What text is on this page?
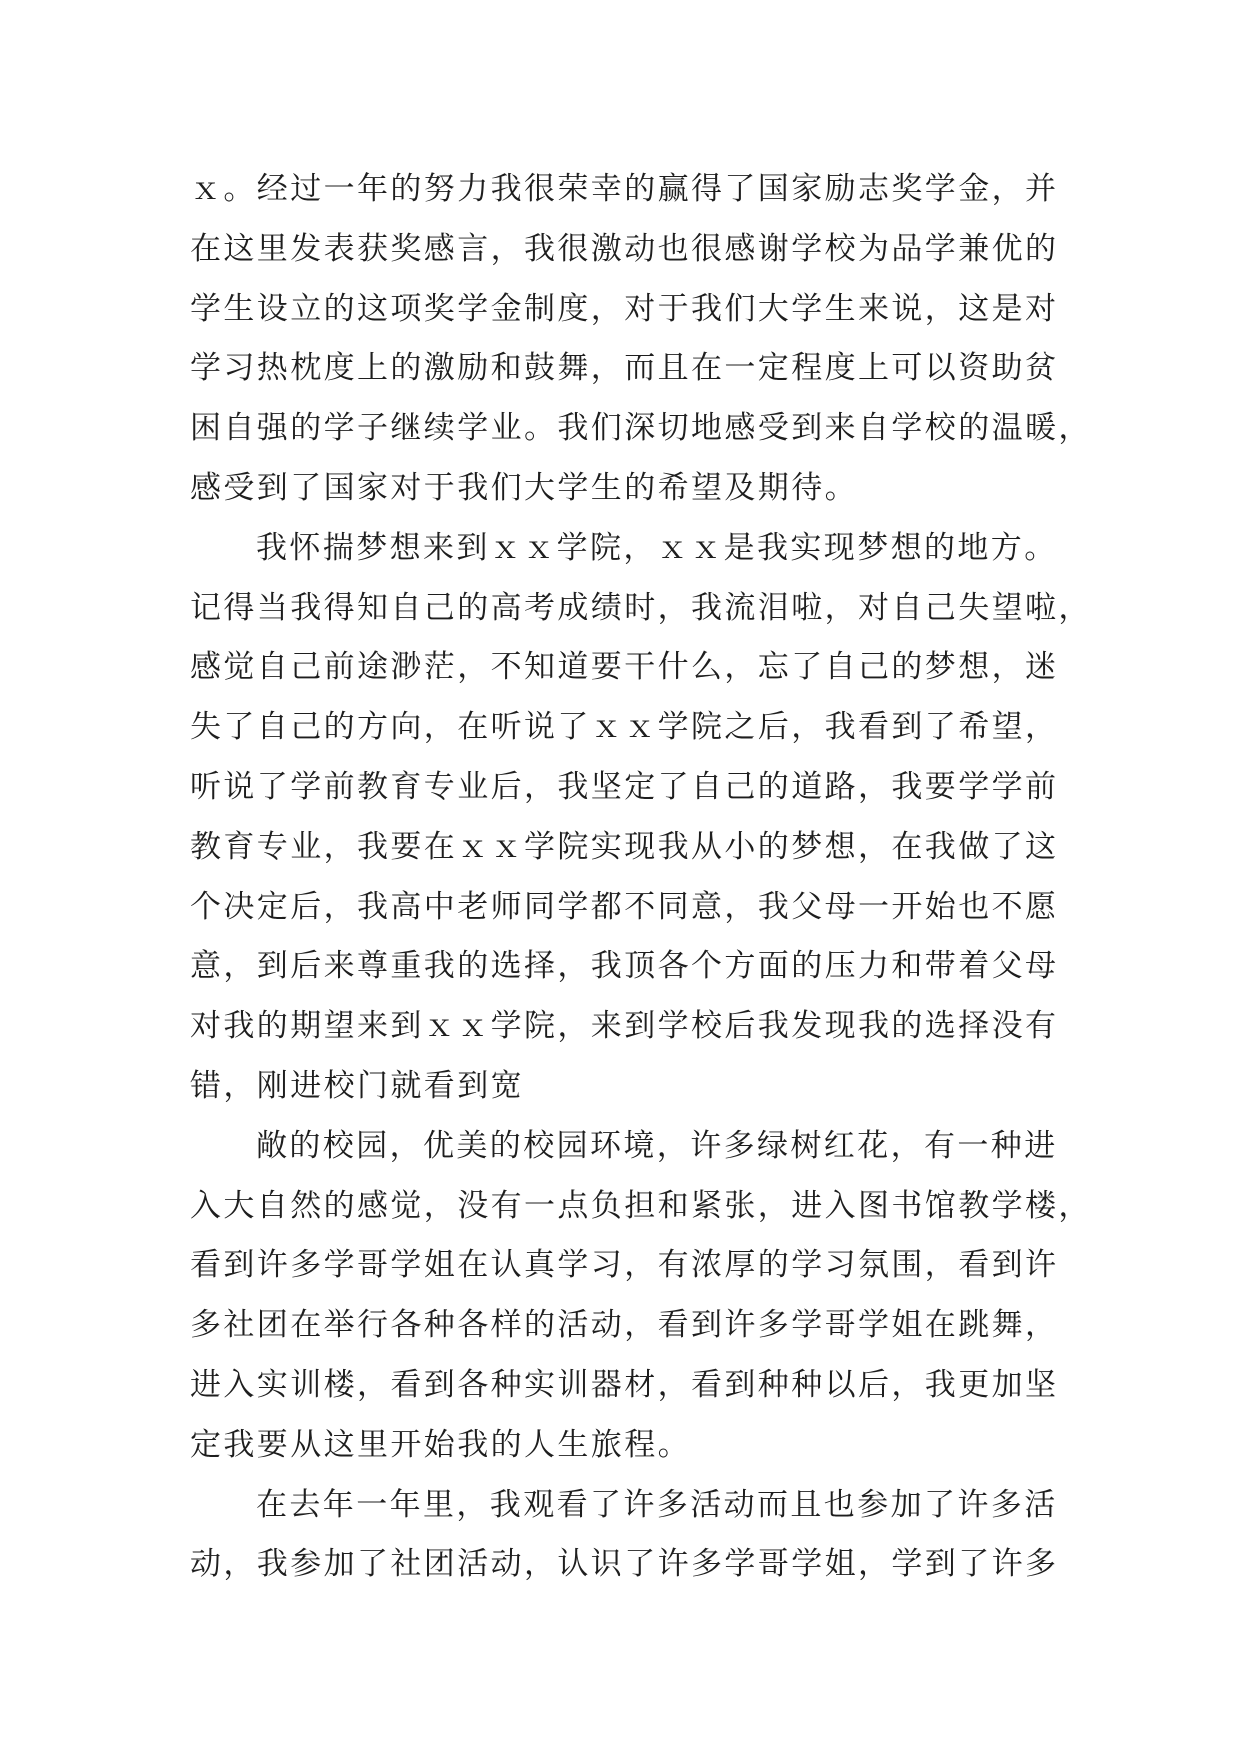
ｘ。经过一年的努力我很荣幸的赢得了国家励志奖学金，并
在这里发表获奖感言，我很激动也很感谢学校为品学兼优的
学生设立的这项奖学金制度，对于我们大学生来说，这是对
学习热枕度上的激励和鼓舞，而且在一定程度上可以资助贫
困自强的学子继续学业。我们深切地感受到来自学校的温暖，
感受到了国家对于我们大学生的希望及期待。
我怀揣梦想来到ｘｘ学院，ｘｘ是我实现梦想的地方。
记得当我得知自己的高考成绩时，我流泪啦，对自己失望啦，
感觉自己前途渺茫，不知道要干什么，忘了自己的梦想，迷
失了自己的方向，在听说了ｘｘ学院之后，我看到了希望，
听说了学前教育专业后，我坚定了自己的道路，我要学学前
教育专业，我要在ｘｘ学院实现我从小的梦想，在我做了这
个决定后，我高中老师同学都不同意，我父母一开始也不愿
意，到后来尊重我的选择，我顶各个方面的压力和带着父母
对我的期望来到ｘｘ学院，来到学校后我发现我的选择没有
错，刚进校门就看到宽
敞的校园，优美的校园环境，许多绿树红花，有一种进
入大自然的感觉，没有一点负担和紧张，进入图书馆教学楼，
看到许多学哥学姐在认真学习，有浓厚的学习氛围，看到许
多社团在举行各种各样的活动，看到许多学哥学姐在跳舞，
进入实训楼，看到各种实训器材，看到种种以后，我更加坚
定我要从这里开始我的人生旅程。
在去年一年里，我观看了许多活动而且也参加了许多活
动，我参加了社团活动，认识了许多学哥学姐，学到了许多
